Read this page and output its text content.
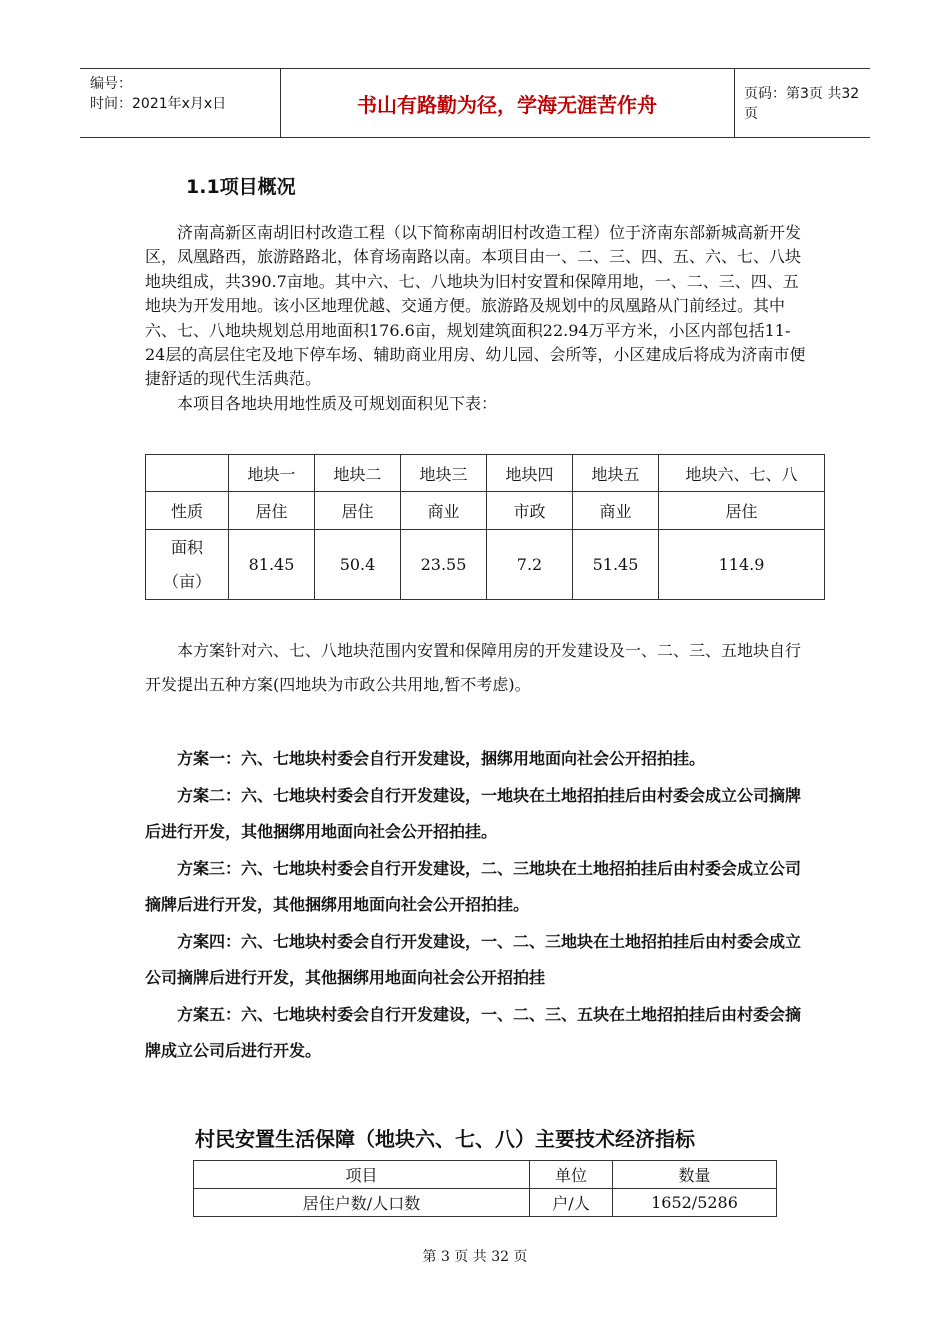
编号：
时间：2021年x月x日	书山有路勤为径，学海无涯苦作舟	页码：第3页 共32页
1.1项目概况

　　济南高新区南胡旧村改造工程（以下简称南胡旧村改造工程）位于济南东部新城高新开发区，凤凰路西，旅游路路北，体育场南路以南。本项目由一、二、三、四、五、六、七、八块地块组成，共390.7亩地。其中六、七、八地块为旧村安置和保障用地，一、二、三、四、五地块为开发用地。该小区地理优越、交通方便。旅游路及规划中的凤凰路从门前经过。其中六、七、八地块规划总用地面积176.6亩，规划建筑面积22.94万平方米，小区内部包括11-24层的高层住宅及地下停车场、辅助商业用房、幼儿园、会所等，小区建成后将成为济南市便捷舒适的现代生活典范。

　　本项目各地块用地性质及可规划面积见下表：

	地块一	地块二	地块三	地块四	地块五	地块六、七、八
性质	居住	居住	商业	市政	商业	居住

面积
（亩）	81.45	50.4	23.55	7.2	51.45	114.9

　　本方案针对六、七、八地块范围内安置和保障用房的开发建设及一、二、三、五地块自行开发提出五种方案(四地块为市政公共用地,暂不考虑)。

　　方案一：六、七地块村委会自行开发建设，捆绑用地面向社会公开招拍挂。

　　方案二：六、七地块村委会自行开发建设，一地块在土地招拍挂后由村委会成立公司摘牌后进行开发，其他捆绑用地面向社会公开招拍挂。

　　方案三：六、七地块村委会自行开发建设，二、三地块在土地招拍挂后由村委会成立公司摘牌后进行开发，其他捆绑用地面向社会公开招拍挂。

　　方案四：六、七地块村委会自行开发建设，一、二、三地块在土地招拍挂后由村委会成立公司摘牌后进行开发，其他捆绑用地面向社会公开招拍挂

　　方案五：六、七地块村委会自行开发建设，一、二、三、五块在土地招拍挂后由村委会摘牌成立公司后进行开发。

村民安置生活保障（地块六、七、八）主要技术经济指标
项目	单位	数量
居住户数/人口数	户/人	1652/5286
第 3 页 共 32 页
